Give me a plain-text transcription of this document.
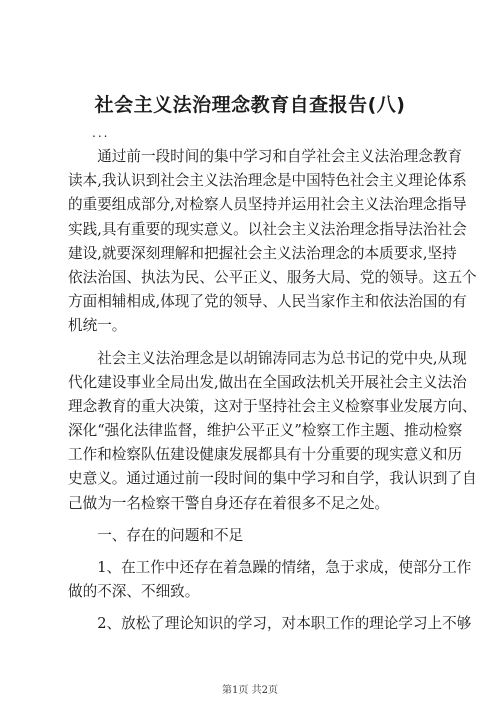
社会主义法治理念教育自查报告(八)
...
　　通过前一段时间的集中学习和自学社会主义法治理念教育
读本,我认识到社会主义法治理念是中国特色社会主义理论体系
的重要组成部分,对检察人员坚持并运用社会主义法治理念指导
实践,具有重要的现实意义。以社会主义法治理念指导法治社会
建设,就要深刻理解和把握社会主义法治理念的本质要求,坚持
依法治国、执法为民、公平正义、服务大局、党的领导。这五个
方面相辅相成,体现了党的领导、人民当家作主和依法治国的有
机统一。
　　社会主义法治理念是以胡锦涛同志为总书记的党中央,从现
代化建设事业全局出发,做出在全国政法机关开展社会主义法治
理念教育的重大决策，这对于坚持社会主义检察事业发展方向、
深化“强化法律监督，维护公平正义”检察工作主题、推动检察
工作和检察队伍建设健康发展都具有十分重要的现实意义和历
史意义。通过通过前一段时间的集中学习和自学，我认识到了自
己做为一名检察干警自身还存在着很多不足之处。
　　一、存在的问题和不足
　　1、在工作中还存在着急躁的情绪，急于求成，使部分工作
做的不深、不细致。
　　2、放松了理论知识的学习，对本职工作的理论学习上不够
第1页 共2页
